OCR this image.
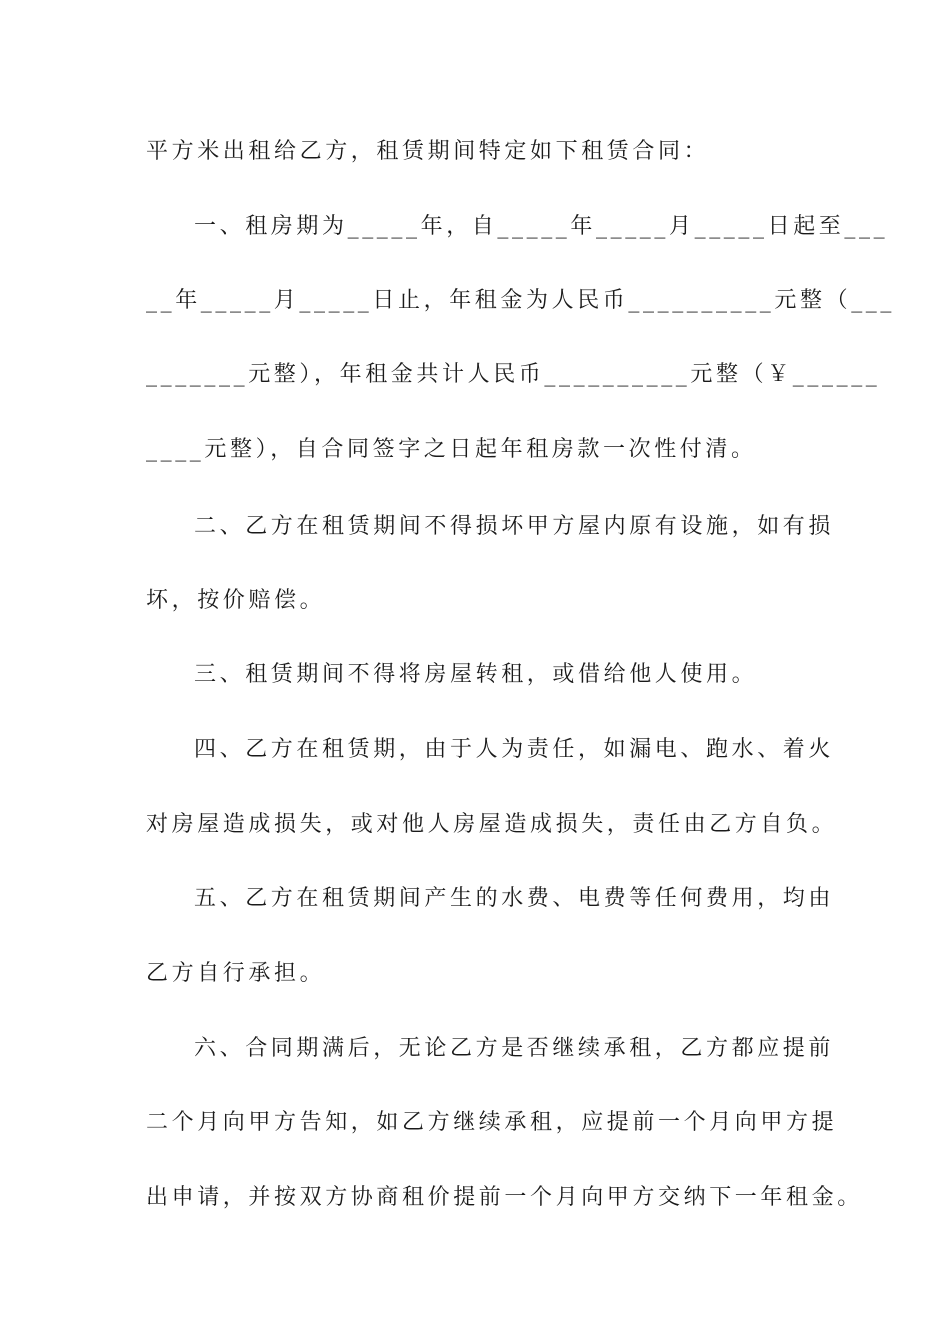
平方米出租给乙方，租赁期间特定如下租赁合同：
一、租房期为_____年，自_____年_____月_____日起至___
__年_____月_____日止，年租金为人民币__________元整（___
_______元整），年租金共计人民币__________元整（￥______
____元整），自合同签字之日起年租房款一次性付清。
二、乙方在租赁期间不得损坏甲方屋内原有设施，如有损
坏，按价赔偿。
三、租赁期间不得将房屋转租，或借给他人使用。
四、乙方在租赁期，由于人为责任，如漏电、跑水、着火
对房屋造成损失，或对他人房屋造成损失，责任由乙方自负。
五、乙方在租赁期间产生的水费、电费等任何费用，均由
乙方自行承担。
六、合同期满后，无论乙方是否继续承租，乙方都应提前
二个月向甲方告知，如乙方继续承租，应提前一个月向甲方提
出申请，并按双方协商租价提前一个月向甲方交纳下一年租金。
